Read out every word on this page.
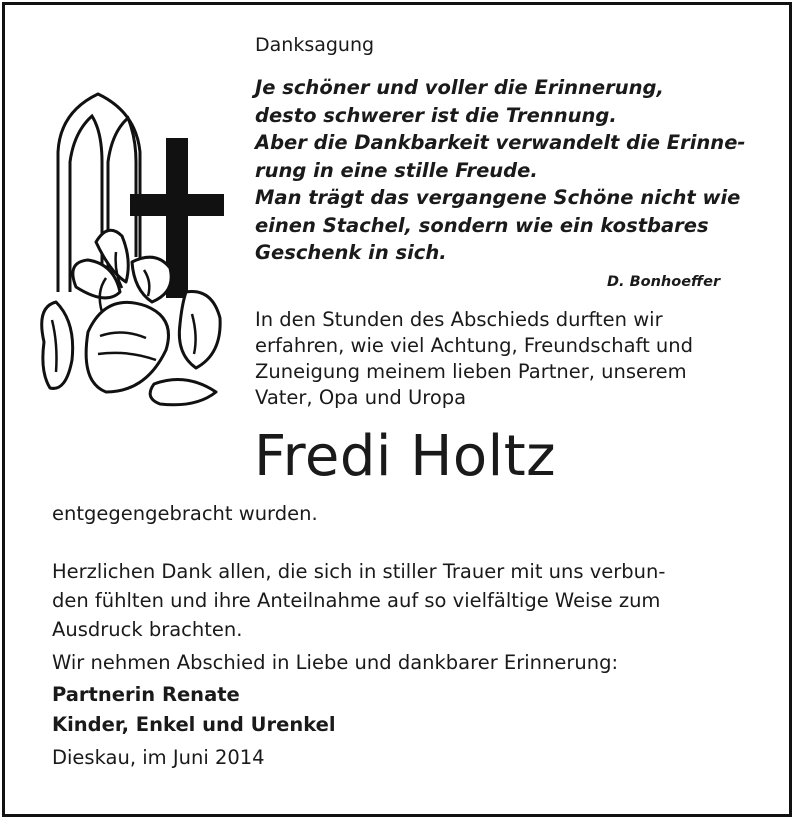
Danksagung
Je schöner und voller die Erinnerung,
desto schwerer ist die Trennung.
Aber die Dankbarkeit verwandelt die Erinne-
rung in eine stille Freude.
Man trägt das vergangene Schöne nicht wie
einen Stachel, sondern wie ein kostbares
Geschenk in sich.
D. Bonhoeffer
In den Stunden des Abschieds durften wir
erfahren, wie viel Achtung, Freundschaft und
Zuneigung meinem lieben Partner, unserem
Vater, Opa und Uropa
Fredi Holtz
entgegengebracht wurden.
Herzlichen Dank allen, die sich in stiller Trauer mit uns verbun-
den fühlten und ihre Anteilnahme auf so vielfältige Weise zum
Ausdruck brachten.
Wir nehmen Abschied in Liebe und dankbarer Erinnerung:
Partnerin Renate
Kinder, Enkel und Urenkel
Dieskau, im Juni 2014
